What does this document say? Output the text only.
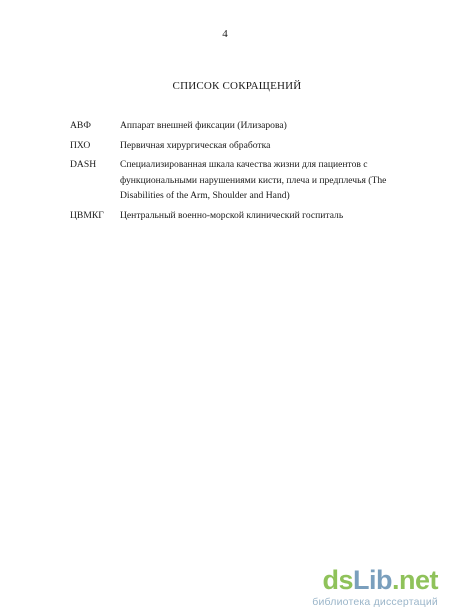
4
СПИСОК СОКРАЩЕНИЙ
АВФ	Аппарат внешней фиксации (Илизарова)
ПХО	Первичная хирургическая обработка
DASH	Специализированная шкала качества жизни для пациентов с функциональными нарушениями кисти, плеча и предплечья (The Disabilities of the Arm, Shoulder and Hand)
ЦВМКГ	Центральный военно-морской клинический госпиталь
dsLib.net
библиотека диссертаций
